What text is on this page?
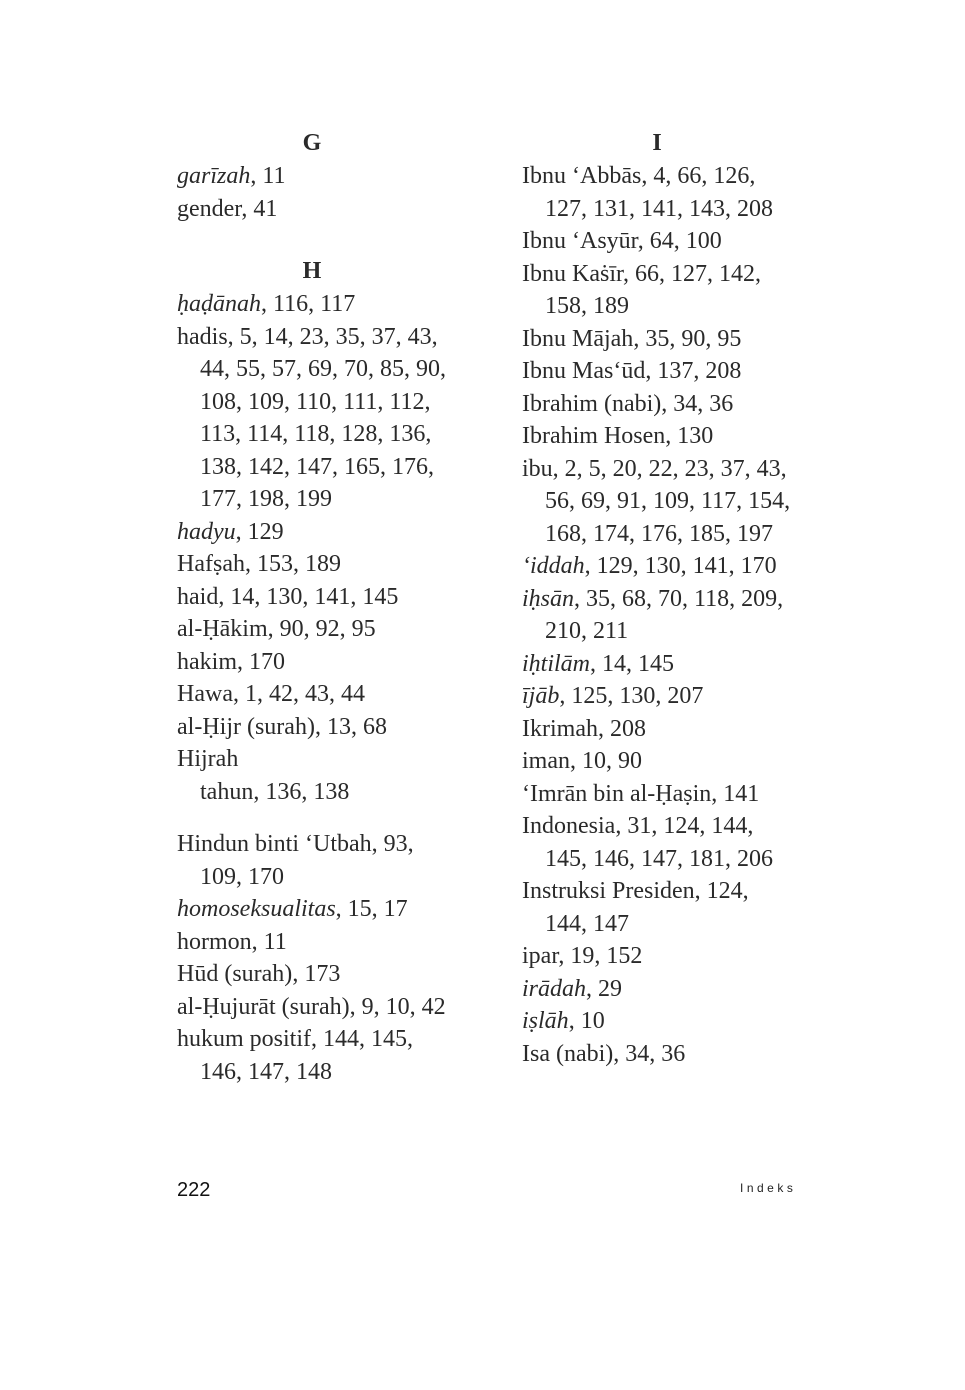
G
garīzah, 11
gender, 41
H
ḥaḍānah, 116, 117
hadis, 5, 14, 23, 35, 37, 43,
44, 55, 57, 69, 70, 85, 90,
108, 109, 110, 111, 112,
113, 114, 118, 128, 136,
138, 142, 147, 165, 176,
177, 198, 199
hadyu, 129
Hafṣah, 153, 189
haid, 14, 130, 141, 145
al-Ḥākim, 90, 92, 95
hakim, 170
Hawa, 1, 42, 43, 44
al-Ḥijr (surah), 13, 68
Hijrah
tahun, 136, 138
Hindun binti ‘Utbah, 93,
109, 170
homoseksualitas, 15, 17
hormon, 11
Hūd (surah), 173
al-Ḥujurāt (surah), 9, 10, 42
hukum positif, 144, 145,
146, 147, 148
I
Ibnu ‘Abbās, 4, 66, 126,
127, 131, 141, 143, 208
Ibnu ‘Asyūr, 64, 100
Ibnu Kaṡīr, 66, 127, 142,
158, 189
Ibnu Mājah, 35, 90, 95
Ibnu Mas‘ūd, 137, 208
Ibrahim (nabi), 34, 36
Ibrahim Hosen, 130
ibu, 2, 5, 20, 22, 23, 37, 43,
56, 69, 91, 109, 117, 154,
168, 174, 176, 185, 197
‘iddah, 129, 130, 141, 170
iḥsān, 35, 68, 70, 118, 209,
210, 211
iḥtilām, 14, 145
ījāb, 125, 130, 207
Ikrimah, 208
iman, 10, 90
‘Imrān bin al-Ḥaṣin, 141
Indonesia, 31, 124, 144,
145, 146, 147, 181, 206
Instruksi Presiden, 124,
144, 147
ipar, 19, 152
irādah, 29
iṣlāh, 10
Isa (nabi), 34, 36
222	Indeks
